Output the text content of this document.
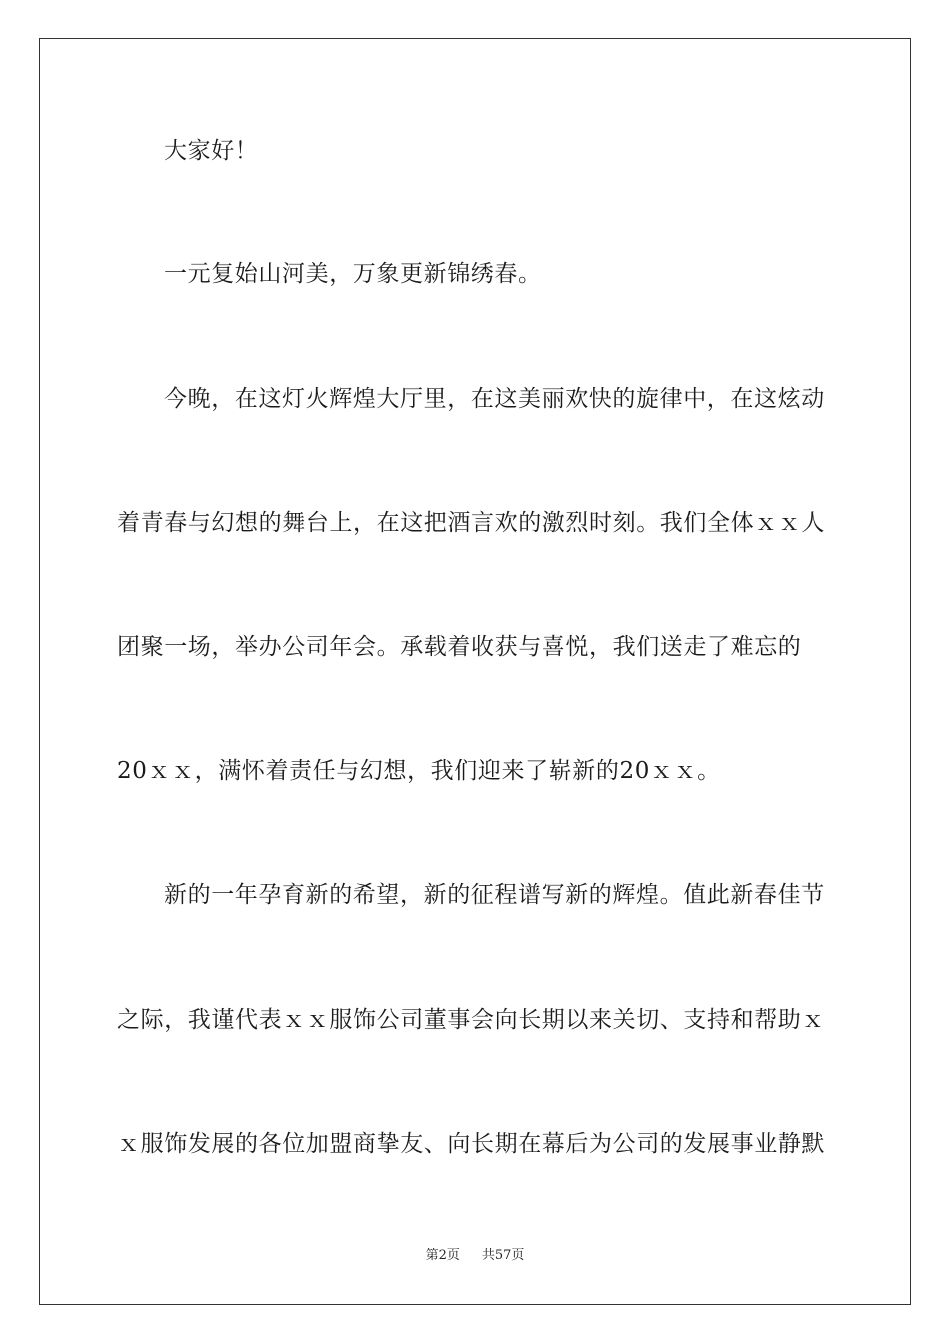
大家好！
一元复始山河美，万象更新锦绣春。
今晚，在这灯火辉煌大厅里，在这美丽欢快的旋律中，在这炫动
着青春与幻想的舞台上，在这把酒言欢的激烈时刻。我们全体ｘｘ人
团聚一场，举办公司年会。承载着收获与喜悦，我们送走了难忘的
20ｘｘ，满怀着责任与幻想，我们迎来了崭新的20ｘｘ。
新的一年孕育新的希望，新的征程谱写新的辉煌。值此新春佳节
之际，我谨代表ｘｘ服饰公司董事会向长期以来关切、支持和帮助ｘ
ｘ服饰发展的各位加盟商挚友、向长期在幕后为公司的发展事业静默
第2页 共57页
